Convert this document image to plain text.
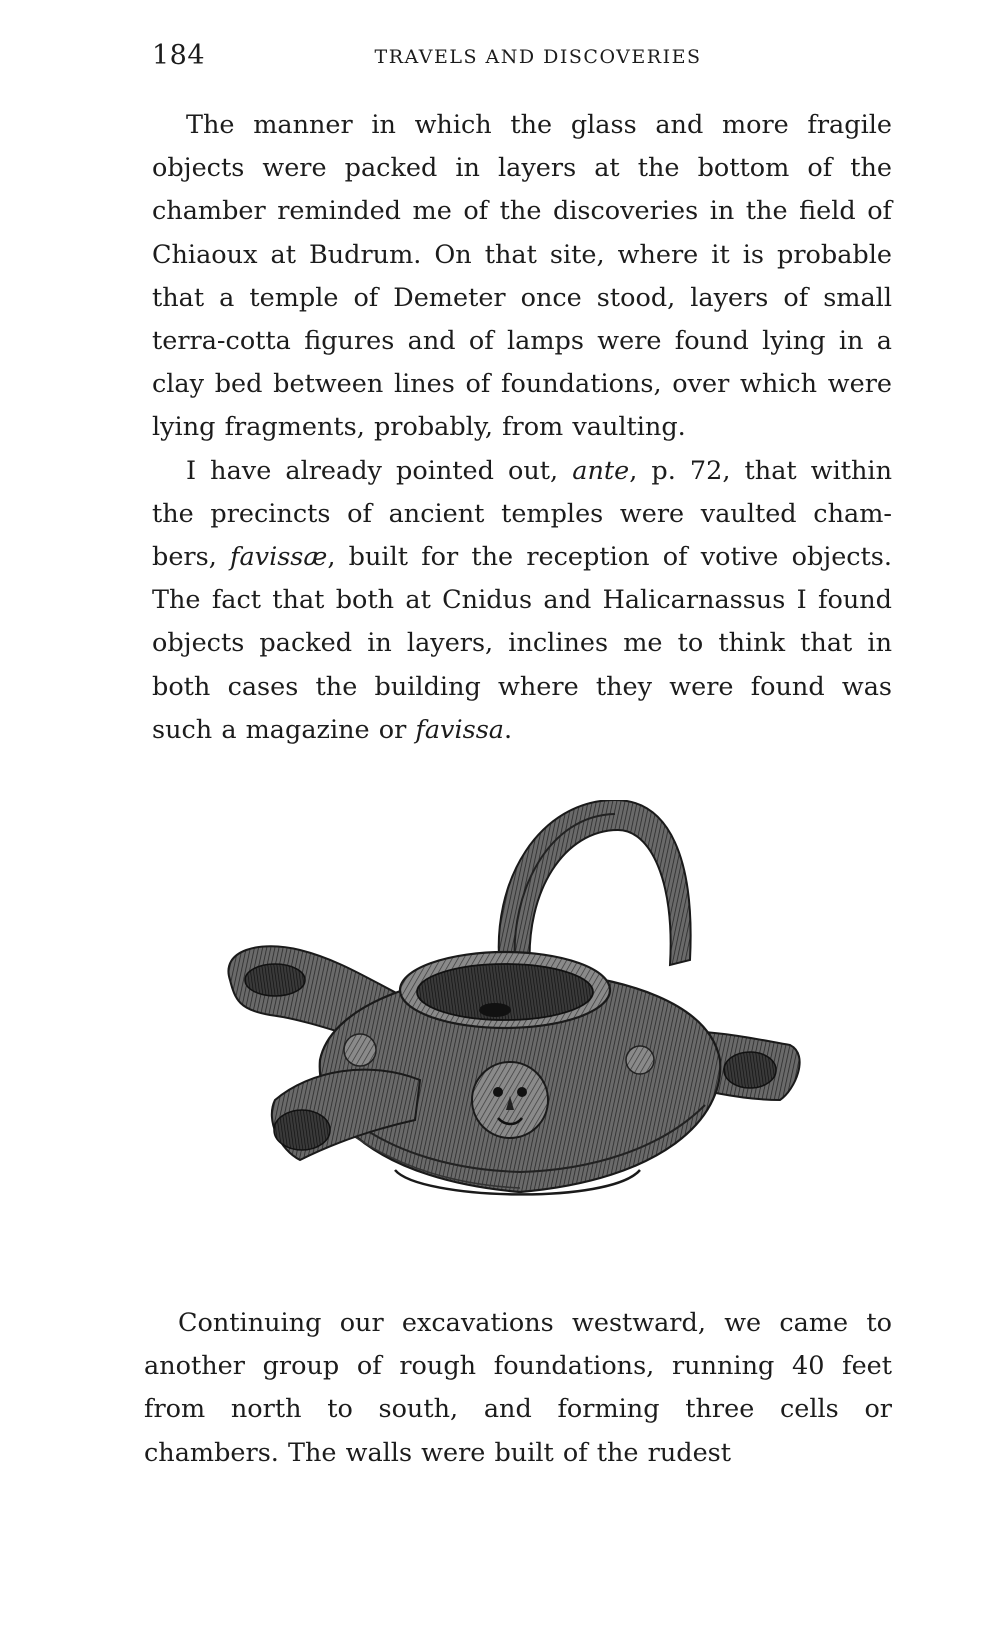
184	TRAVELS AND DISCOVERIES

The manner in which the glass and more fragile objects were packed in layers at the bottom of the chamber reminded me of the discoveries in the field of Chiaoux at Budrum. On that site, where it is probable that a temple of Demeter once stood, layers of small terra-cotta figures and of lamps were found lying in a clay bed between lines of foundations, over which were lying fragments, probably, from vaulting.

I have already pointed out, ante, p. 72, that within the precincts of ancient temples were vaulted cham- bers, favissæ, built for the reception of votive objects. The fact that both at Cnidus and Halicarnassus I found objects packed in layers, inclines me to think that in both cases the building where they were found was such a magazine or favissa.

Continuing our excavations westward, we came to another group of rough foundations, running 40 feet from north to south, and forming three cells or chambers. The walls were built of the rudest
